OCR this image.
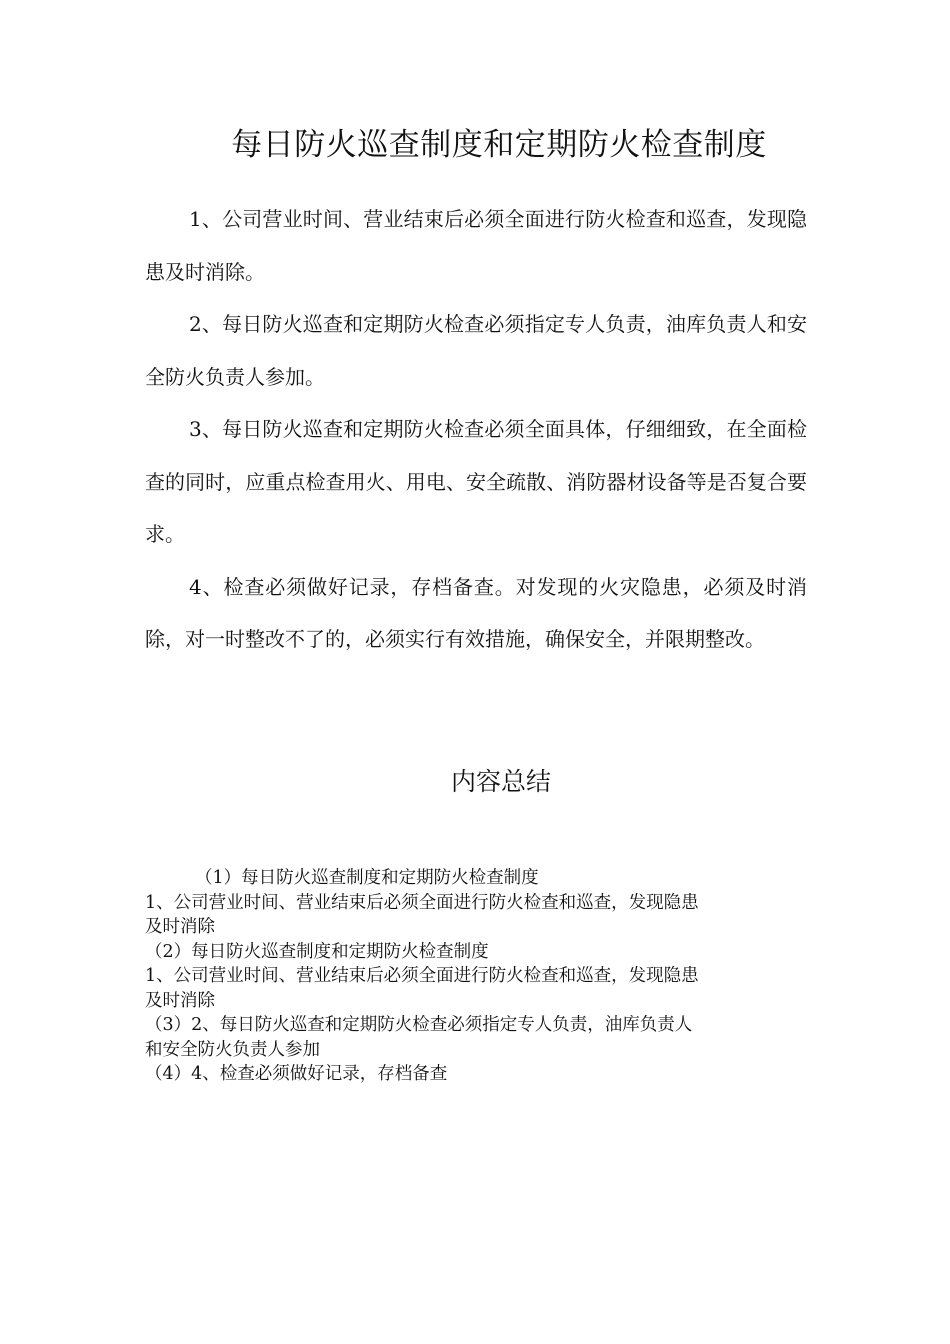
每日防火巡查制度和定期防火检查制度

1、公司营业时间、营业结束后必须全面进行防火检查和巡查，发现隐患及时消除。

2、每日防火巡查和定期防火检查必须指定专人负责，油库负责人和安全防火负责人参加。

3、每日防火巡查和定期防火检查必须全面具体，仔细细致，在全面检查的同时，应重点检查用火、用电、安全疏散、消防器材设备等是否复合要求。

4、检查必须做好记录，存档备查。对发现的火灾隐患，必须及时消除，对一时整改不了的，必须实行有效措施，确保安全，并限期整改。

内容总结

（1）每日防火巡查制度和定期防火检查制度

1、公司营业时间、营业结束后必须全面进行防火检查和巡查，发现隐患

及时消除

（2）每日防火巡查制度和定期防火检查制度

1、公司营业时间、营业结束后必须全面进行防火检查和巡查，发现隐患

及时消除

（3）2、每日防火巡查和定期防火检查必须指定专人负责，油库负责人

和安全防火负责人参加

（4）4、检查必须做好记录，存档备查
